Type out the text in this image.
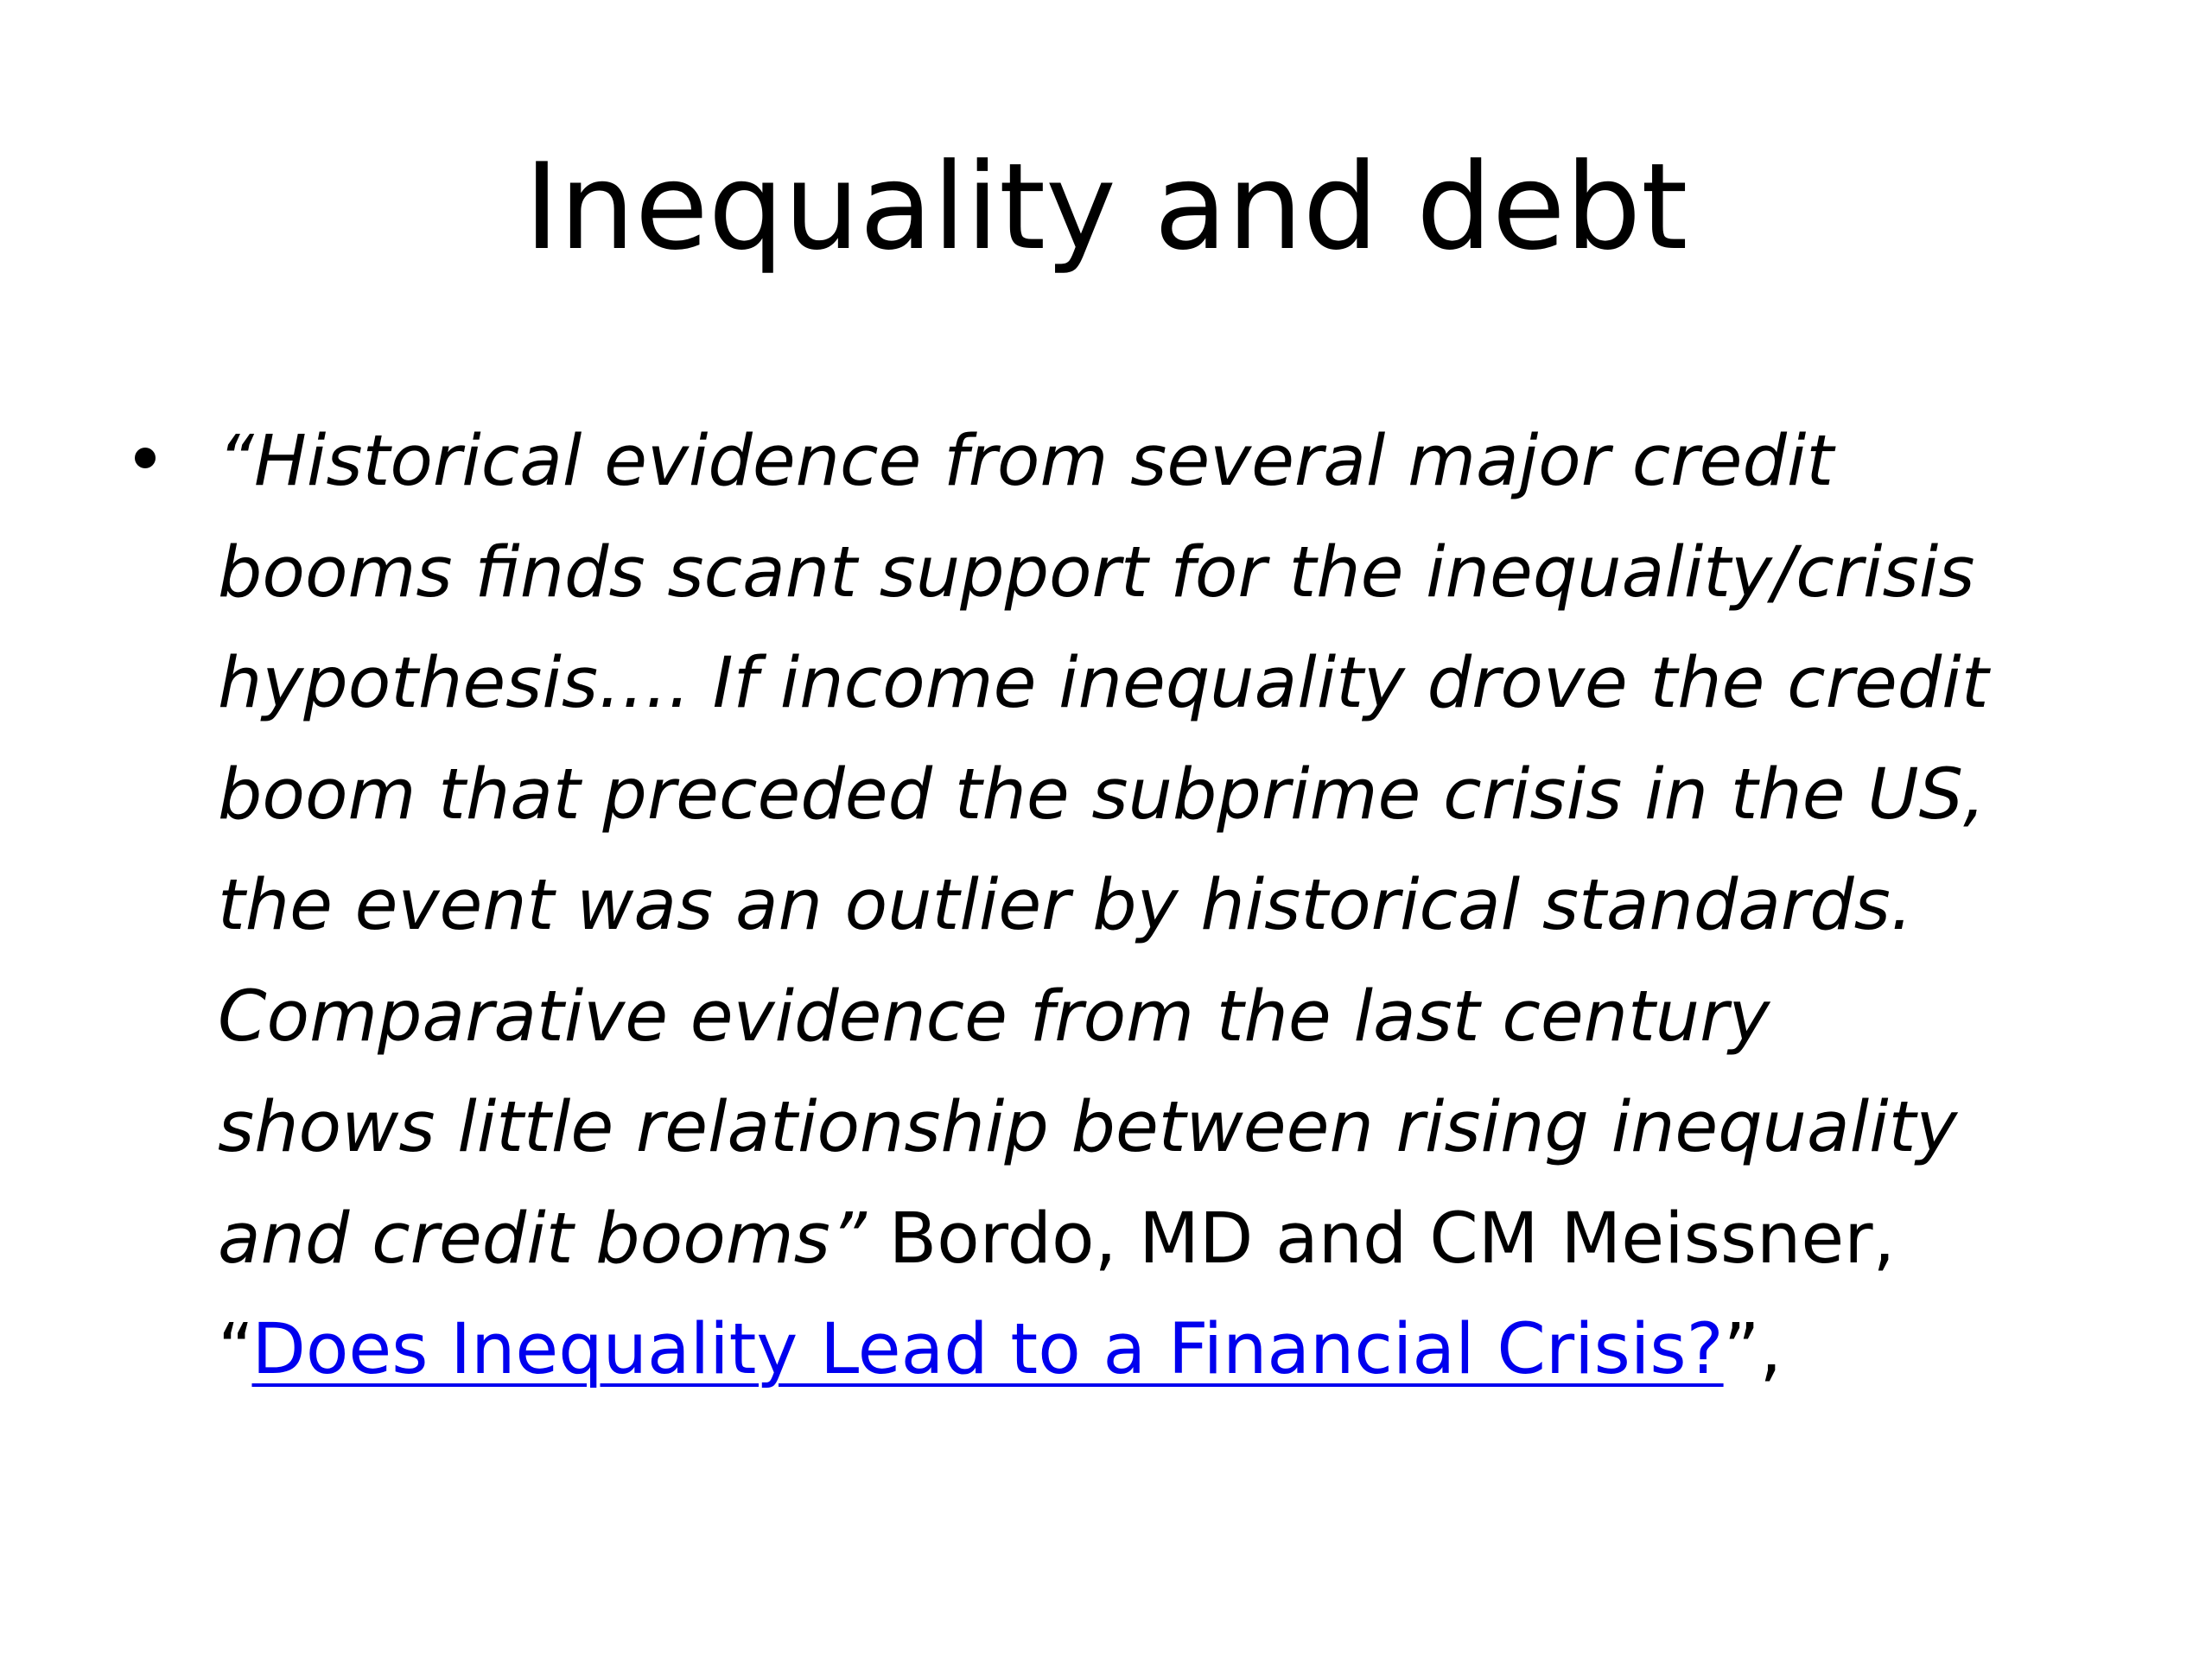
Inequality and debt
“Historical evidence from several major credit
booms finds scant support for the inequality/crisis
hypothesis…. If income inequality drove the credit
boom that preceded the subprime crisis in the US,
the event was an outlier by historical standards.
Comparative evidence from the last century
shows little relationship between rising inequality
and credit booms” Bordo, MD and CM Meissner,
“Does Inequality Lead to a Financial Crisis?”,
